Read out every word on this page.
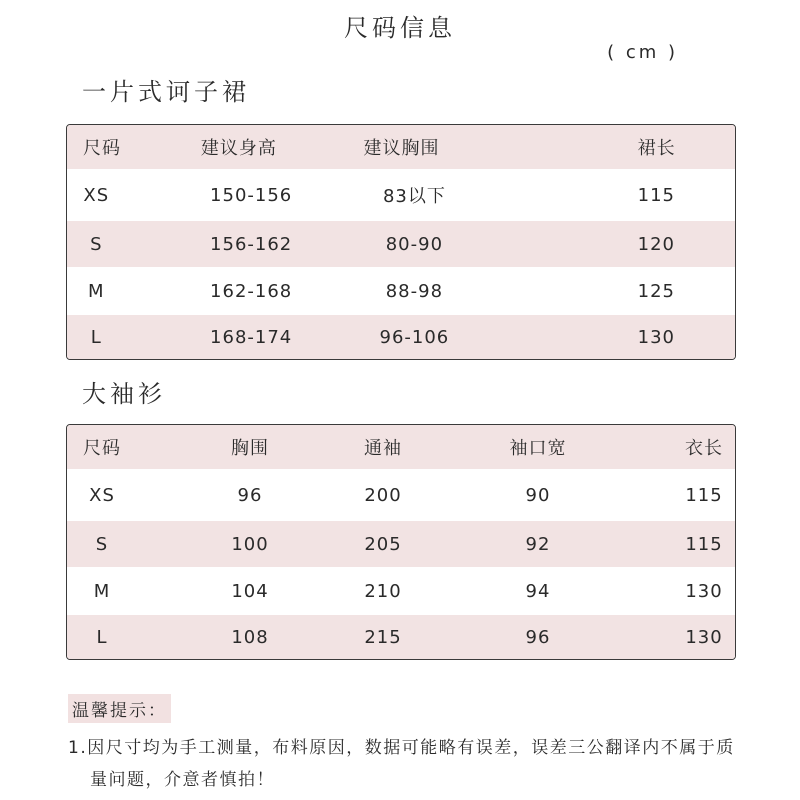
尺码信息
( cm )
一片式诃子裙
尺码	建议身高	建议胸围	裙长
XS	150-156	83以下	115
S	156-162	80-90	120
M	162-168	88-98	125
L	168-174	96-106	130
大袖衫
尺码	胸围	通袖	袖口宽	衣长
XS	96	200	90	115
S	100	205	92	115
M	104	210	94	130
L	108	215	96	130
温馨提示：
1.因尺寸均为手工测量，布料原因，数据可能略有误差，误差三公翻译内不属于质
量问题，介意者慎拍！
